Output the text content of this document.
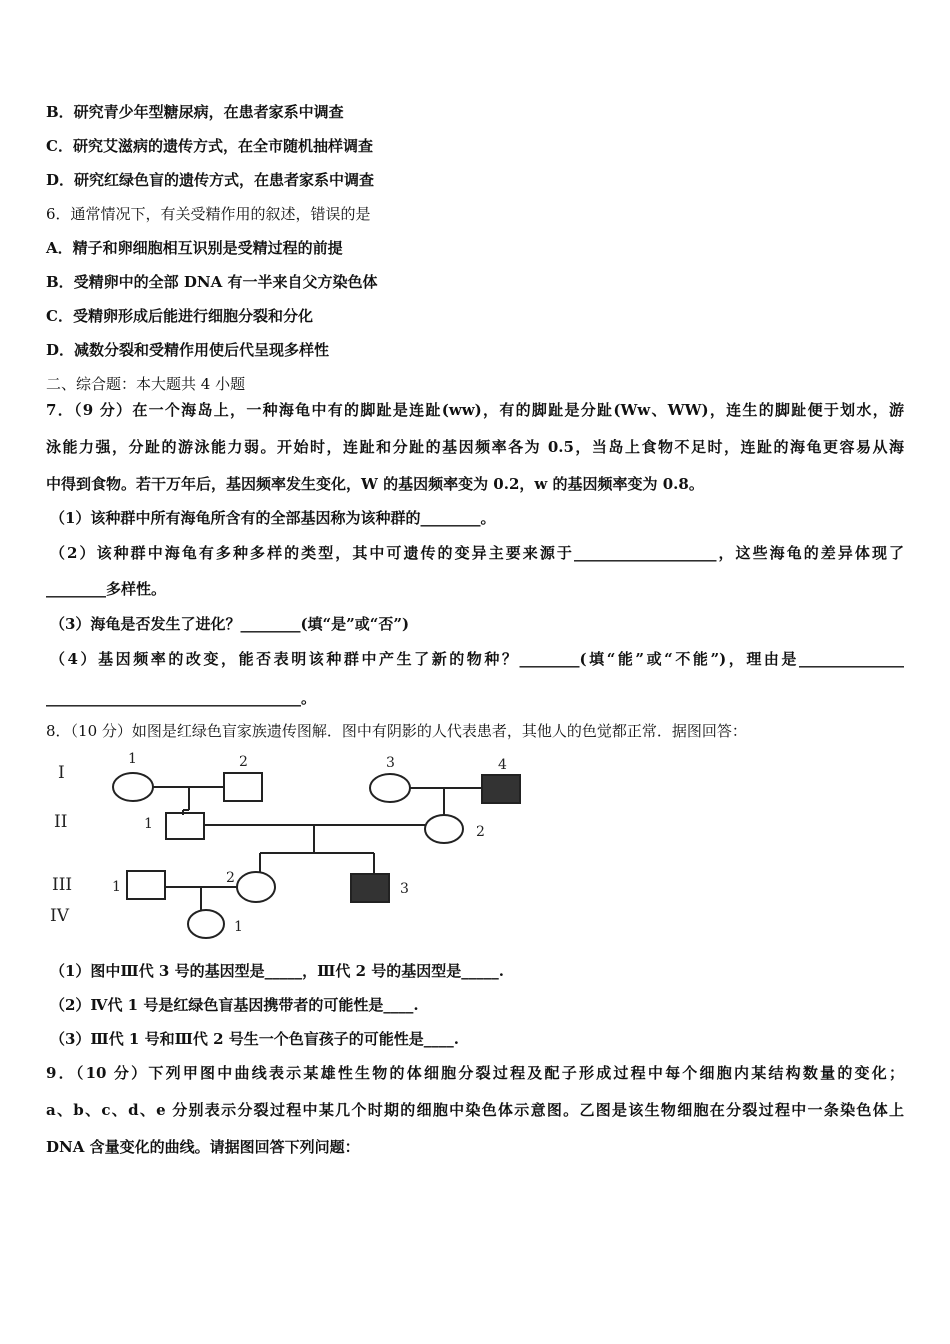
B．研究青少年型糖尿病，在患者家系中调查
C．研究艾滋病的遗传方式，在全市随机抽样调查
D．研究红绿色盲的遗传方式，在患者家系中调查
6．通常情况下，有关受精作用的叙述，错误的是
A．精子和卵细胞相互识别是受精过程的前提
B．受精卵中的全部 DNA 有一半来自父方染色体
C．受精卵形成后能进行细胞分裂和分化
D．减数分裂和受精作用使后代呈现多样性
二、综合题：本大题共 4 小题
7．（9 分）在一个海岛上，一种海龟中有的脚趾是连趾(ww)，有的脚趾是分趾(Ww、WW)，连生的脚趾便于划水，游
泳能力强，分趾的游泳能力弱。开始时，连趾和分趾的基因频率各为 0.5，当岛上食物不足时，连趾的海龟更容易从海
中得到食物。若干万年后，基因频率发生变化，W 的基因频率变为 0.2，w 的基因频率变为 0.8。
（1）该种群中所有海龟所含有的全部基因称为该种群的________。
（2）该种群中海龟有多种多样的类型，其中可遗传的变异主要来源于___________________，这些海龟的差异体现了
________多样性。
（3）海龟是否发生了进化？________(填“是”或“否”)
（4）基因频率的改变，能否表明该种群中产生了新的物种？________(填“能”或“不能”)，理由是______________
__________________________________。
8．（10 分）如图是红绿色盲家族遗传图解．图中有阴影的人代表患者，其他人的色觉都正常．据图回答：
I
II
III
IV
1	2	3	4
1	2
1
2
3
1
（1）图中Ⅲ代 3 号的基因型是_____，Ⅲ代 2 号的基因型是_____.
（2）Ⅳ代 1 号是红绿色盲基因携带者的可能性是____.
（3）Ⅲ代 1 号和Ⅲ代 2 号生一个色盲孩子的可能性是____.
9．（10 分）下列甲图中曲线表示某雄性生物的体细胞分裂过程及配子形成过程中每个细胞内某结构数量的变化；
a、b、c、d、e 分别表示分裂过程中某几个时期的细胞中染色体示意图。乙图是该生物细胞在分裂过程中一条染色体上
DNA 含量变化的曲线。请据图回答下列问题：
